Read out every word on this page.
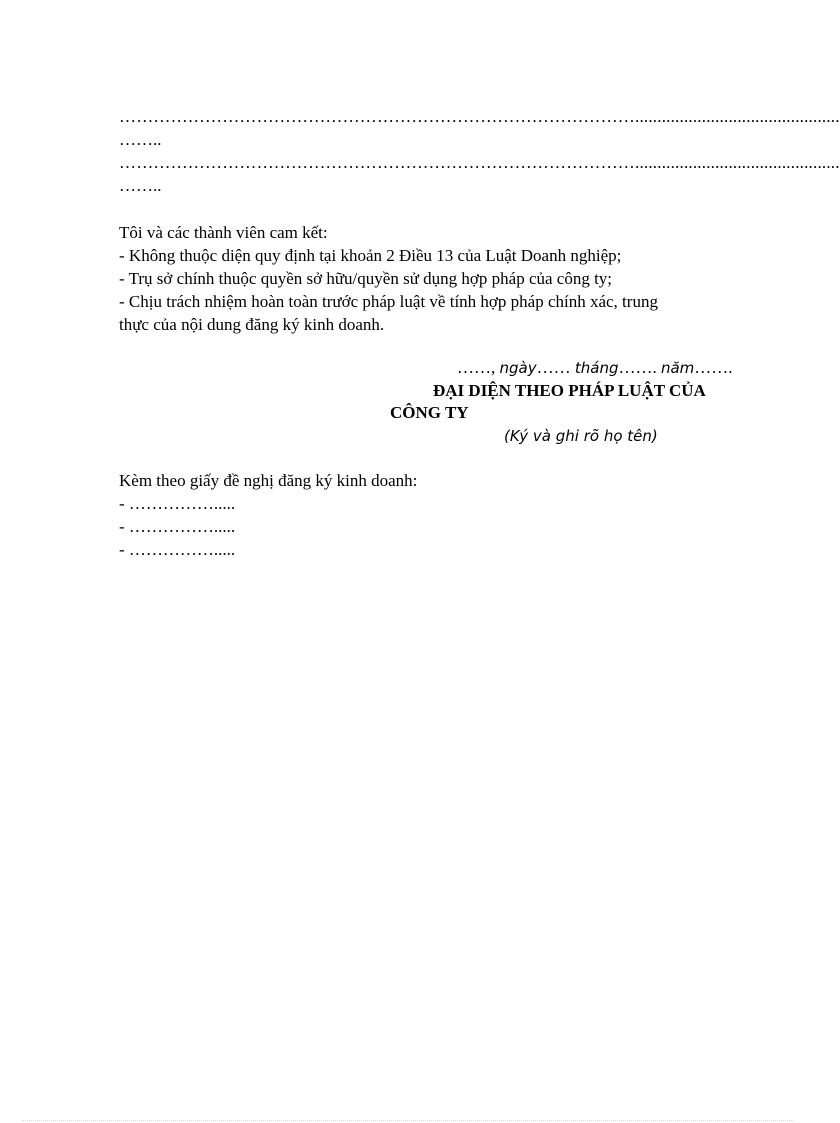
………………………………………………………………………………..............................................
……..
………………………………………………………………………………..............................................
……..
Tôi và các thành viên cam kết:
- Không thuộc diện quy định tại khoản 2 Điều 13 của Luật Doanh nghiệp;
- Trụ sở chính thuộc quyền sở hữu/quyền sử dụng hợp pháp của công ty;
- Chịu trách nhiệm hoàn toàn trước pháp luật về tính hợp pháp chính xác, trung
thực của nội dung đăng ký kinh doanh.
……, ngày…… tháng……. năm…….
ĐẠI DIỆN THEO PHÁP LUẬT CỦA
CÔNG TY
(Ký và ghi rõ họ tên)
Kèm theo giấy đề nghị đăng ký kinh doanh:
- …………….....
- …………….....
- …………….....
